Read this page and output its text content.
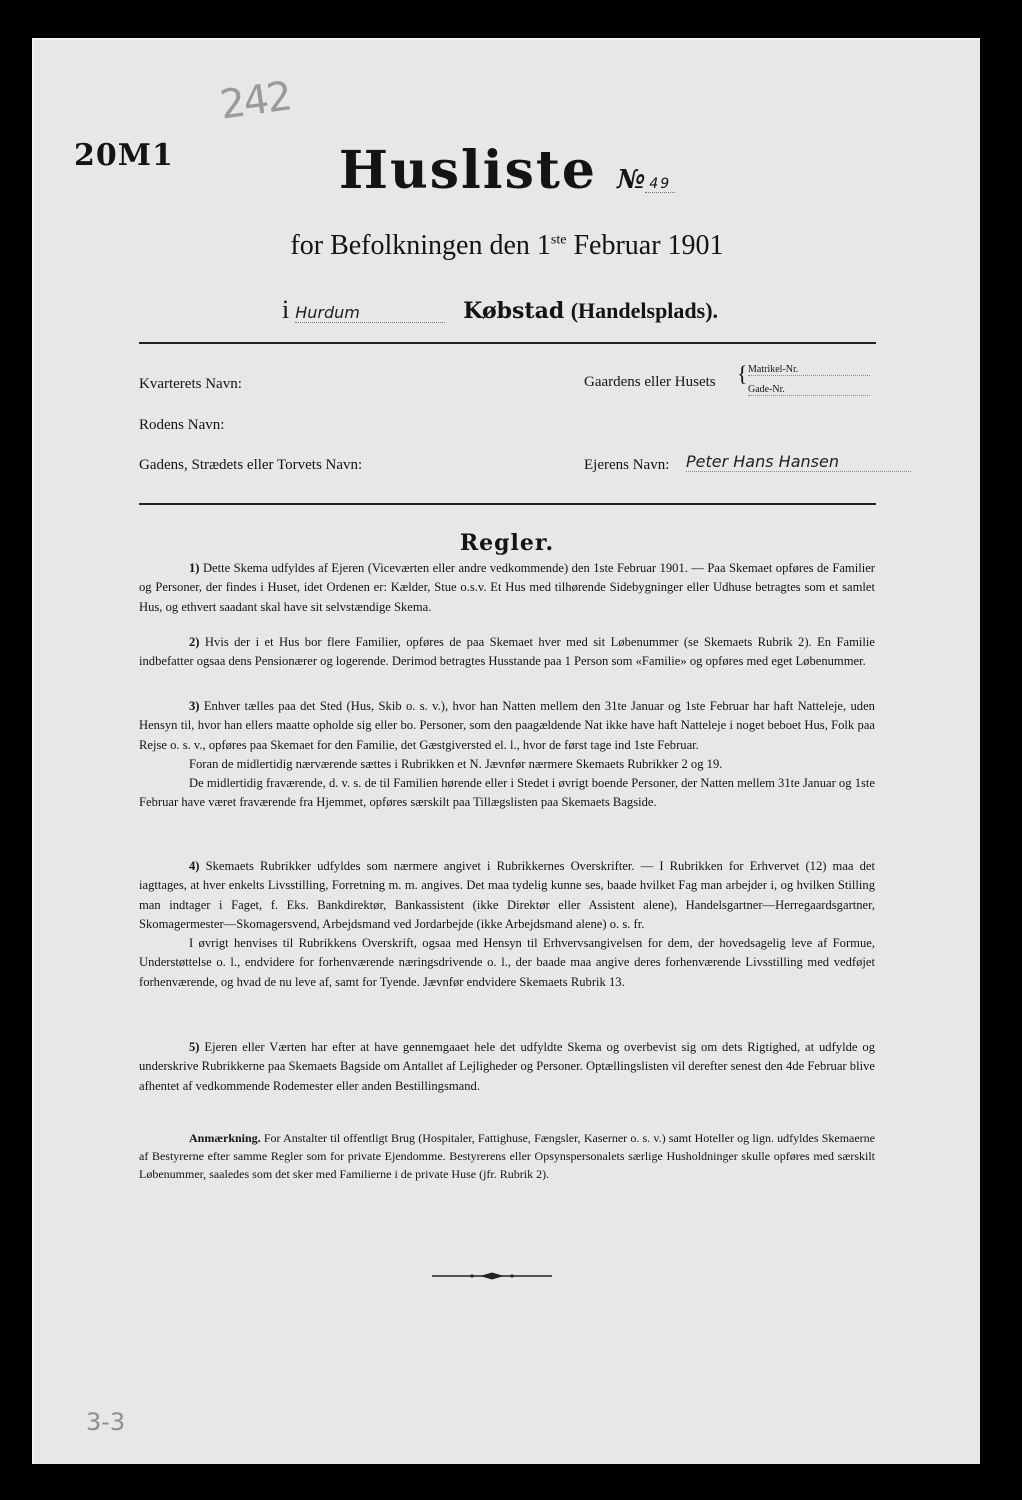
20M1
242
Husliste № 49
for Befolkningen den 1ste Februar 1901
i Hurdum	Købstad (Handelsplads).
Kvarterets Navn:	Gaardens eller Husets { Matrikel-Nr.
Gade-Nr.
Rodens Navn:
Gadens, Strædets eller Torvets Navn:	Ejerens Navn: Peter Hans Hansen
Regler.

1) Dette Skema udfyldes af Ejeren (Viceværten eller andre vedkommende) den 1ste Februar 1901. — Paa Skemaet opføres de Familier og Personer, der findes i Huset, idet Ordenen er: Kælder, Stue o.s.v. Et Hus med tilhørende Sidebygninger eller Udhuse betragtes som et samlet Hus, og ethvert saadant skal have sit selvstændige Skema.

2) Hvis der i et Hus bor flere Familier, opføres de paa Skemaet hver med sit Løbenummer (se Skemaets Rubrik 2). En Familie indbefatter ogsaa dens Pensionærer og logerende. Derimod betragtes Husstande paa 1 Person som «Familie» og opføres med eget Løbenummer.

3) Enhver tælles paa det Sted (Hus, Skib o. s. v.), hvor han Natten mellem den 31te Januar og 1ste Februar har haft Natteleje, uden Hensyn til, hvor han ellers maatte opholde sig eller bo. Personer, som den paagældende Nat ikke have haft Natteleje i noget beboet Hus, Folk paa Rejse o. s. v., opføres paa Skemaet for den Familie, det Gæstgiversted el. l., hvor de først tage ind 1ste Februar.

Foran de midlertidig nærværende sættes i Rubrikken et N. Jævnfør nærmere Skemaets Rubrikker 2 og 19.

De midlertidig fraværende, d. v. s. de til Familien hørende eller i Stedet i øvrigt boende Personer, der Natten mellem 31te Januar og 1ste Februar have været fraværende fra Hjemmet, opføres særskilt paa Tillægslisten paa Skemaets Bagside.

4) Skemaets Rubrikker udfyldes som nærmere angivet i Rubrikkernes Overskrifter. — I Rubrikken for Erhvervet (12) maa det iagttages, at hver enkelts Livsstilling, Forretning m. m. angives. Det maa tydelig kunne ses, baade hvilket Fag man arbejder i, og hvilken Stilling man indtager i Faget, f. Eks. Bankdirektør, Bankassistent (ikke Direktør eller Assistent alene), Handelsgartner—Herregaardsgartner, Skomagermester—Skomagersvend, Arbejdsmand ved Jordarbejde (ikke Arbejdsmand alene) o. s. fr.

I øvrigt henvises til Rubrikkens Overskrift, ogsaa med Hensyn til Erhvervsangivelsen for dem, der hovedsagelig leve af Formue, Understøttelse o. l., endvidere for forhenværende næringsdrivende o. l., der baade maa angive deres forhenværende Livsstilling med vedføjet forhenværende, og hvad de nu leve af, samt for Tyende. Jævnfør endvidere Skemaets Rubrik 13.

5) Ejeren eller Værten har efter at have gennemgaaet hele det udfyldte Skema og overbevist sig om dets Rigtighed, at udfylde og underskrive Rubrikkerne paa Skemaets Bagside om Antallet af Lejligheder og Personer. Optællingslisten vil derefter senest den 4de Februar blive afhentet af vedkommende Rodemester eller anden Bestillingsmand.

Anmærkning. For Anstalter til offentligt Brug (Hospitaler, Fattighuse, Fængsler, Kaserner o. s. v.) samt Hoteller og lign. udfyldes Skemaerne af Bestyrerne efter samme Regler som for private Ejendomme. Bestyrerens eller Opsynspersonalets særlige Husholdninger skulle opføres med særskilt Løbenummer, saaledes som det sker med Familierne i de private Huse (jfr. Rubrik 2).

3-3
